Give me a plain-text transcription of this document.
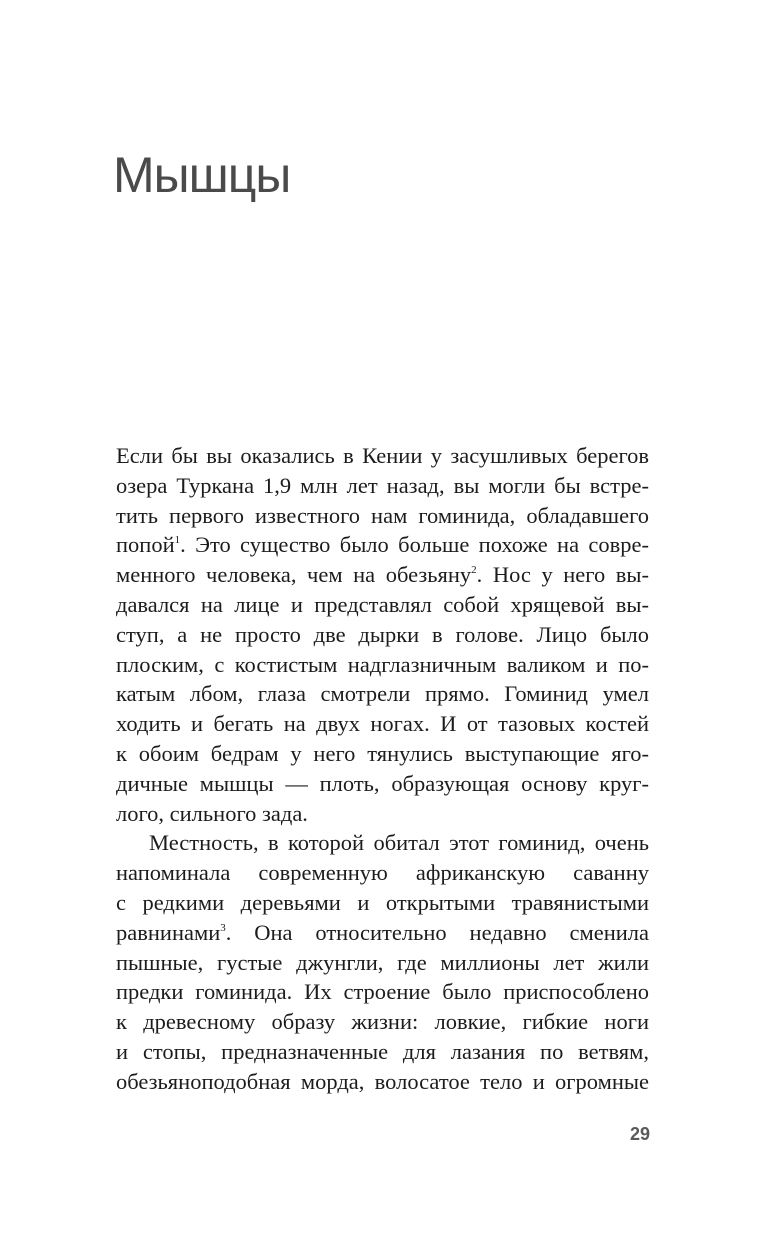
Мышцы
Если бы вы оказались в Кении у засушливых берегов
озера Туркана 1,9 млн лет назад, вы могли бы встре-
тить первого известного нам гоминида, обладавшего
попой$^1$. Это существо было больше похоже на совре-
менного человека, чем на обезьяну$^2$. Нос у него вы-
давался на лице и представлял собой хрящевой вы-
ступ, а не просто две дырки в голове. Лицо было
плоским, с костистым надглазничным валиком и по-
катым лбом, глаза смотрели прямо. Гоминид умел
ходить и бегать на двух ногах. И от тазовых костей
к обоим бедрам у него тянулись выступающие яго-
дичные мышцы — плоть, образующая основу круг-
лого, сильного зада.
Местность, в которой обитал этот гоминид, очень
напоминала современную африканскую саванну
с редкими деревьями и открытыми травянистыми
равнинами$^3$. Она относительно недавно сменила
пышные, густые джунгли, где миллионы лет жили
предки гоминида. Их строение было приспособлено
к древесному образу жизни: ловкие, гибкие ноги
и стопы, предназначенные для лазания по ветвям,
обезьяноподобная морда, волосатое тело и огромные
29
